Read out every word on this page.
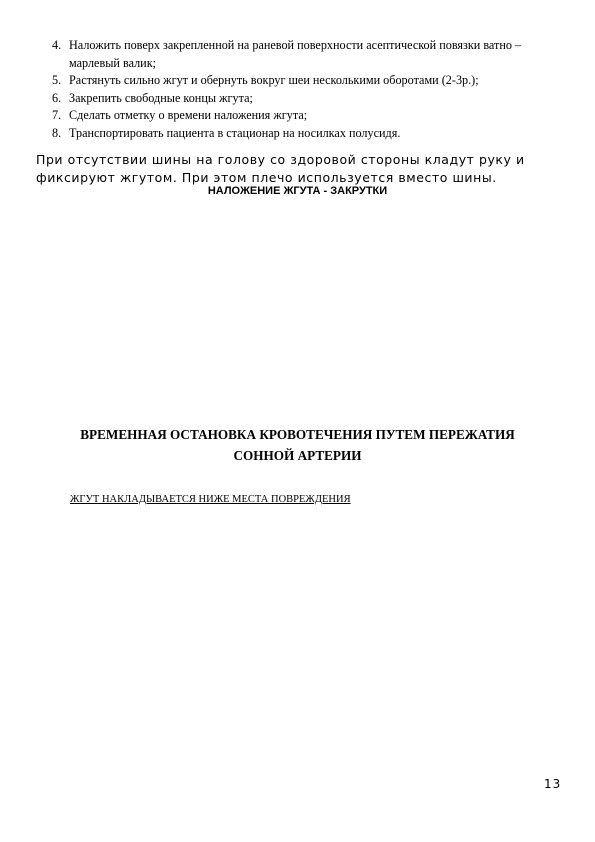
4. Наложить поверх закрепленной на раневой поверхности асептической повязки ватно – марлевый валик;
5. Растянуть сильно жгут и обернуть вокруг шеи несколькими оборотами (2-3р.);
6. Закрепить свободные концы жгута;
7. Сделать отметку о времени наложения жгута;
8. Транспортировать пациента в стационар на носилках полусидя.

При отсутствии шины на голову со здоровой стороны кладут руку и фиксируют жгутом. При этом плечо используется вместо шины.

НАЛОЖЕНИЕ ЖГУТА - ЗАКРУТКИ
ВРЕМЕННАЯ ОСТАНОВКА КРОВОТЕЧЕНИЯ ПУТЕМ ПЕРЕЖАТИЯ
СОННОЙ АРТЕРИИ

ЖГУТ НАКЛАДЫВАЕТСЯ НИЖЕ МЕСТА ПОВРЕЖДЕНИЯ

13
